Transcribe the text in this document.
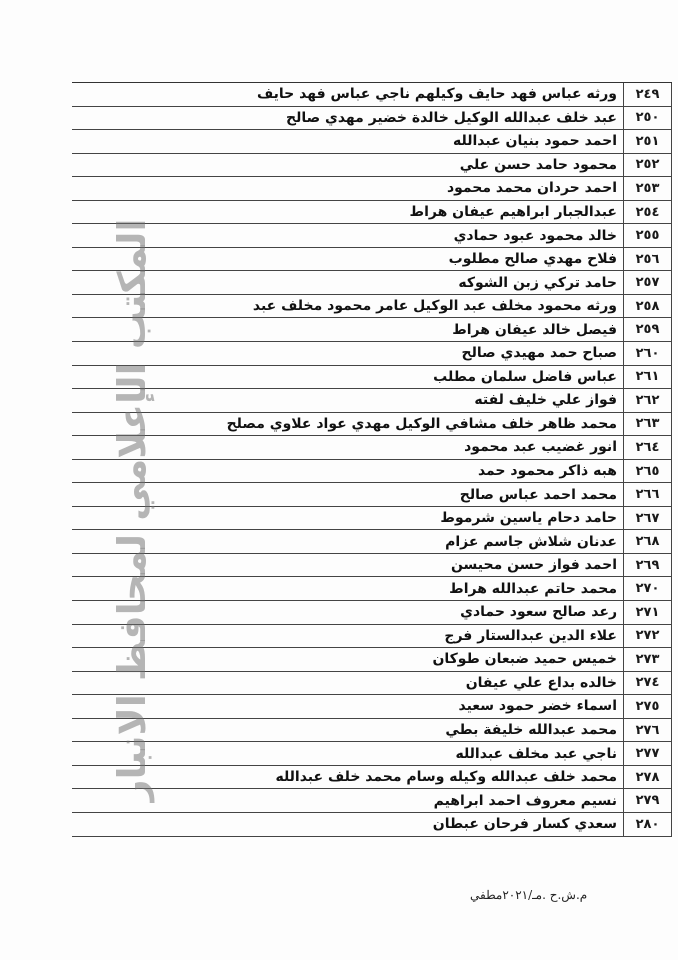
٢٤٩
ورثه عباس فهد حايف وكيلهم ناجي عباس فهد حايف
٢٥٠
عبد خلف عبدالله الوكيل خالدة خضير مهدي صالح
٢٥١
احمد حمود بنيان عبدالله
٢٥٢
محمود حامد حسن علي
٢٥٣
احمد حردان محمد محمود
٢٥٤
عبدالجبار ابراهيم عيفان هراط
٢٥٥
خالد محمود عبود حمادي
٢٥٦
فلاح مهدي صالح مطلوب
٢٥٧
حامد تركي زبن الشوكه
٢٥٨
ورثه محمود مخلف عبد الوكيل عامر محمود مخلف عبد
٢٥٩
فيصل خالد عيفان هراط
٢٦٠
صباح حمد مهيدي صالح
٢٦١
عباس فاضل سلمان مطلب
٢٦٢
فواز علي خليف لفته
٢٦٣
محمد ظاهر خلف مشافي الوكيل مهدي عواد علاوي مصلح
٢٦٤
انور غضيب عبد محمود
٢٦٥
هبه ذاكر محمود حمد
٢٦٦
محمد احمد عباس صالح
٢٦٧
حامد دحام ياسين شرموط
٢٦٨
عدنان شلاش جاسم عزام
٢٦٩
احمد فواز حسن محيسن
٢٧٠
محمد حاتم عبدالله هراط
٢٧١
رعد صالح سعود حمادي
٢٧٢
علاء الدين عبدالستار فرج
٢٧٣
خميس حميد ضبعان طوكان
٢٧٤
خالده بداع علي عيفان
٢٧٥
اسماء خضر حمود سعيد
٢٧٦
محمد عبدالله خليفة بطي
٢٧٧
ناجي عبد مخلف عبدالله
٢٧٨
محمد خلف عبدالله وكيله وسام محمد خلف عبدالله
٢٧٩
نسيم معروف احمد ابراهيم
٢٨٠
سعدي كسار فرحان عبطان
المكتب الإعلامي لمحافظ الانبار
م.ش.ح .مـ/٢٠٢١مطفي
